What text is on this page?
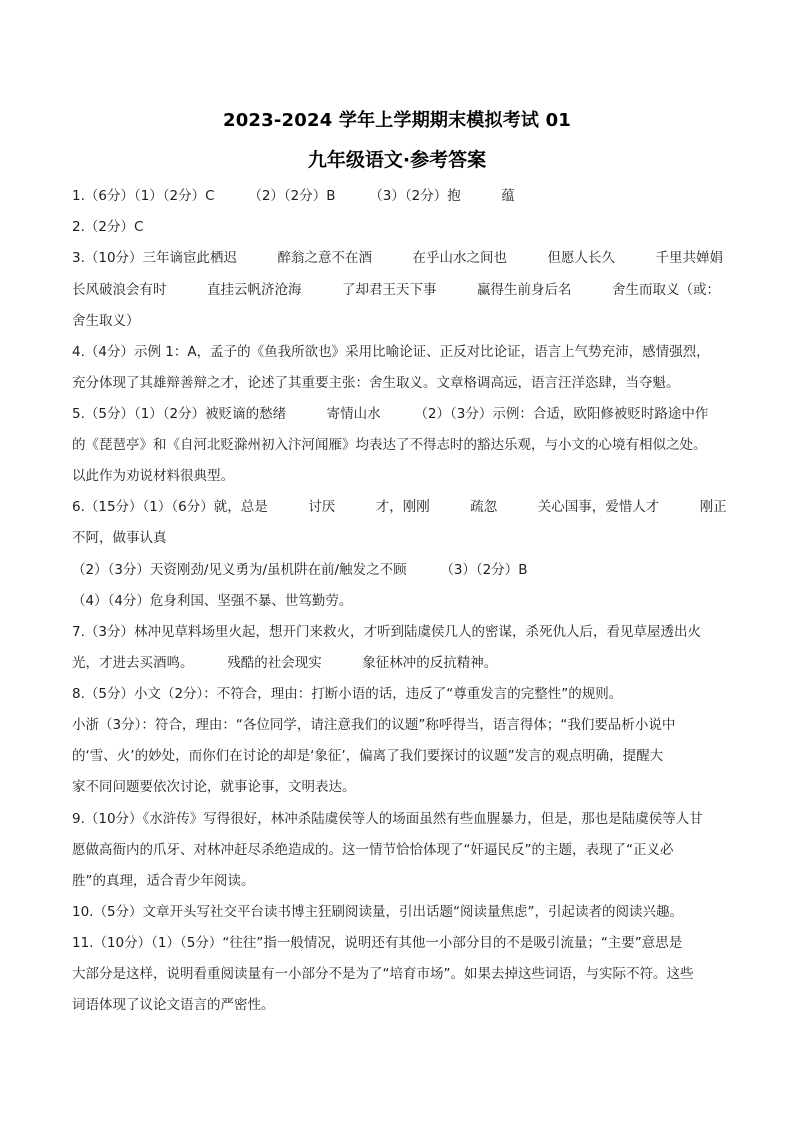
2023-2024 学年上学期期末模拟考试 01
九年级语文·参考答案
1.（6分）（1）（2分）C　　　（2）（2分）B　　　（3）（2分）抱　　　蕴
2.（2分）C
3.（10分）三年谪宦此栖迟　　　醉翁之意不在酒　　　在乎山水之间也　　　但愿人长久　　　千里共婵娟
长风破浪会有时　　　直挂云帆济沧海　　　了却君王天下事　　　赢得生前身后名　　　舍生而取义（或：
舍生取义）
4.（4分）示例 1：A，孟子的《鱼我所欲也》采用比喻论证、正反对比论证，语言上气势充沛，感情强烈，
充分体现了其雄辩善辩之才，论述了其重要主张：舍生取义。文章格调高远，语言汪洋恣肆，当夺魁。
5.（5分）（1）（2分）被贬谪的愁绪　　　寄情山水　　　（2）（3分）示例：合适，欧阳修被贬时路途中作
的《琵琶亭》和《自河北贬滁州初入汴河闻雁》均表达了不得志时的豁达乐观，与小文的心境有相似之处。
以此作为劝说材料很典型。
6.（15分）（1）（6分）就，总是　　　讨厌　　　才，刚刚　　　疏忽　　　关心国事，爱惜人才　　　刚正
不阿，做事认真
（2）（3分）天资刚劲/见义勇为/虽机阱在前/触发之不顾　　　（3）（2分）B
（4）（4分）危身利国、坚强不暴、世笃勤劳。
7.（3分）林冲见草料场里火起，想开门来救火，才听到陆虞侯几人的密谋，杀死仇人后，看见草屋透出火
光，才进去买酒鸣。　　　残酷的社会现实　　　象征林冲的反抗精神。
8.（5分）小文（2分）：不符合，理由：打断小语的话，违反了“尊重发言的完整性”的规则。
小浙（3分）：符合，理由：“各位同学，请注意我们的议题”称呼得当，语言得体；“我们要品析小说中
的‘雪、火’的妙处，而你们在讨论的却是‘象征’，偏离了我们要探讨的议题”发言的观点明确，提醒大
家不同问题要依次讨论，就事论事，文明表达。
9.（10分）《水浒传》写得很好，林冲杀陆虞侯等人的场面虽然有些血腥暴力，但是，那也是陆虞侯等人甘
愿做高衙内的爪牙、对林冲赶尽杀绝造成的。这一情节恰恰体现了“奸逼民反”的主题，表现了“正义必
胜”的真理，适合青少年阅读。
10.（5分）文章开头写社交平台读书博主狂刷阅读量，引出话题“阅读量焦虑”，引起读者的阅读兴趣。
11.（10分）（1）（5分）“往往”指一般情况，说明还有其他一小部分目的不是吸引流量；“主要”意思是
大部分是这样，说明看重阅读量有一小部分不是为了“培育市场”。如果去掉这些词语，与实际不符。这些
词语体现了议论文语言的严密性。
